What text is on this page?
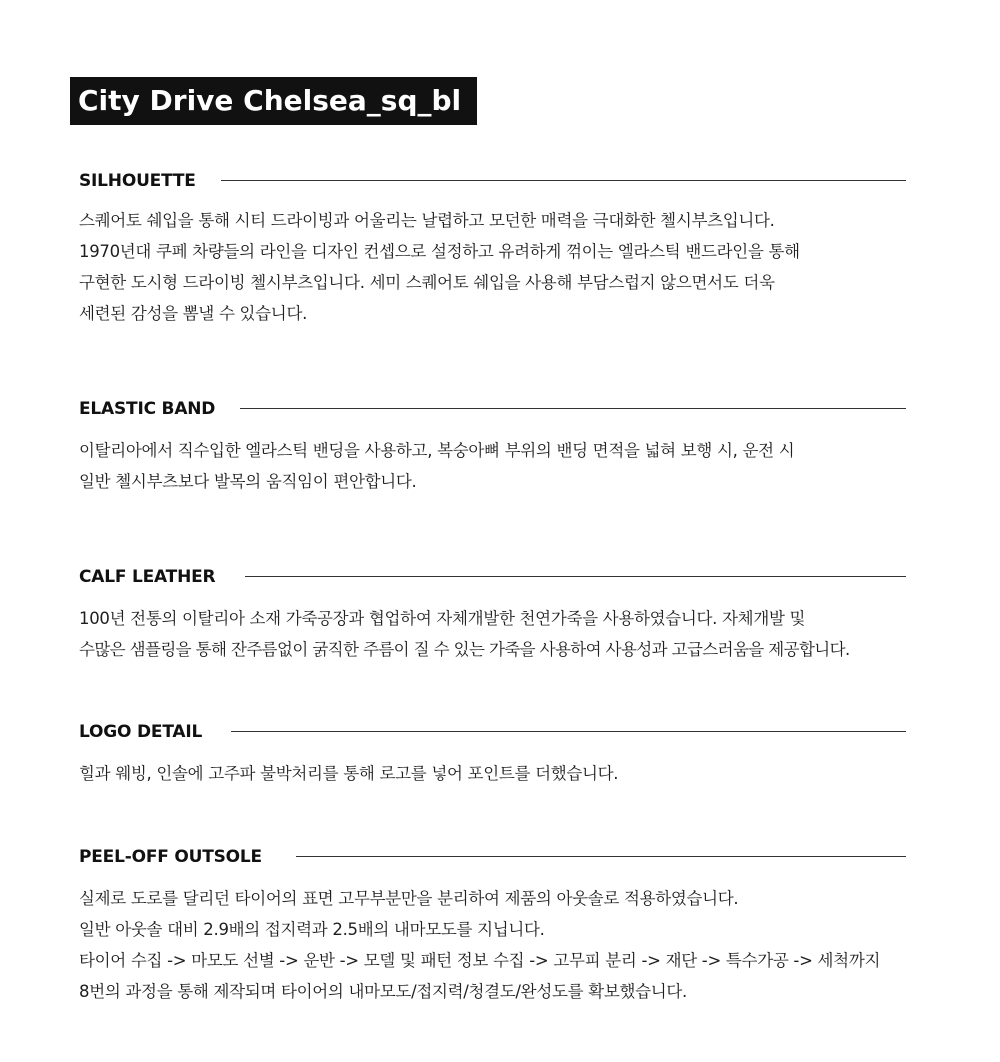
City Drive Chelsea_sq_bl
SILHOUETTE
스퀘어토 쉐입을 통해 시티 드라이빙과 어울리는 날렵하고 모던한 매력을 극대화한 첼시부츠입니다.
1970년대 쿠페 차량들의 라인을 디자인 컨셉으로 설정하고 유려하게 꺾이는 엘라스틱 밴드라인을 통해
구현한 도시형 드라이빙 첼시부츠입니다. 세미 스퀘어토 쉐입을 사용해 부담스럽지 않으면서도 더욱
세련된 감성을 뽐낼 수 있습니다.
ELASTIC BAND
이탈리아에서 직수입한 엘라스틱 밴딩을 사용하고, 복숭아뼈 부위의 밴딩 면적을 넓혀 보행 시, 운전 시
일반 첼시부츠보다 발목의 움직임이 편안합니다.
CALF LEATHER
100년 전통의 이탈리아 소재 가죽공장과 협업하여 자체개발한 천연가죽을 사용하였습니다. 자체개발 및
수많은 샘플링을 통해 잔주름없이 굵직한 주름이 질 수 있는 가죽을 사용하여 사용성과 고급스러움을 제공합니다.
LOGO DETAIL
힐과 웨빙, 인솔에 고주파 불박처리를 통해 로고를 넣어 포인트를 더했습니다.
PEEL-OFF OUTSOLE
실제로 도로를 달리던 타이어의 표면 고무부분만을 분리하여 제품의 아웃솔로 적용하였습니다.
일반 아웃솔 대비 2.9배의 접지력과 2.5배의 내마모도를 지닙니다.
타이어 수집 -> 마모도 선별 -> 운반 -> 모델 및 패턴 정보 수집 -> 고무피 분리 -> 재단 -> 특수가공 -> 세척까지
8번의 과정을 통해 제작되며 타이어의 내마모도/접지력/청결도/완성도를 확보했습니다.
